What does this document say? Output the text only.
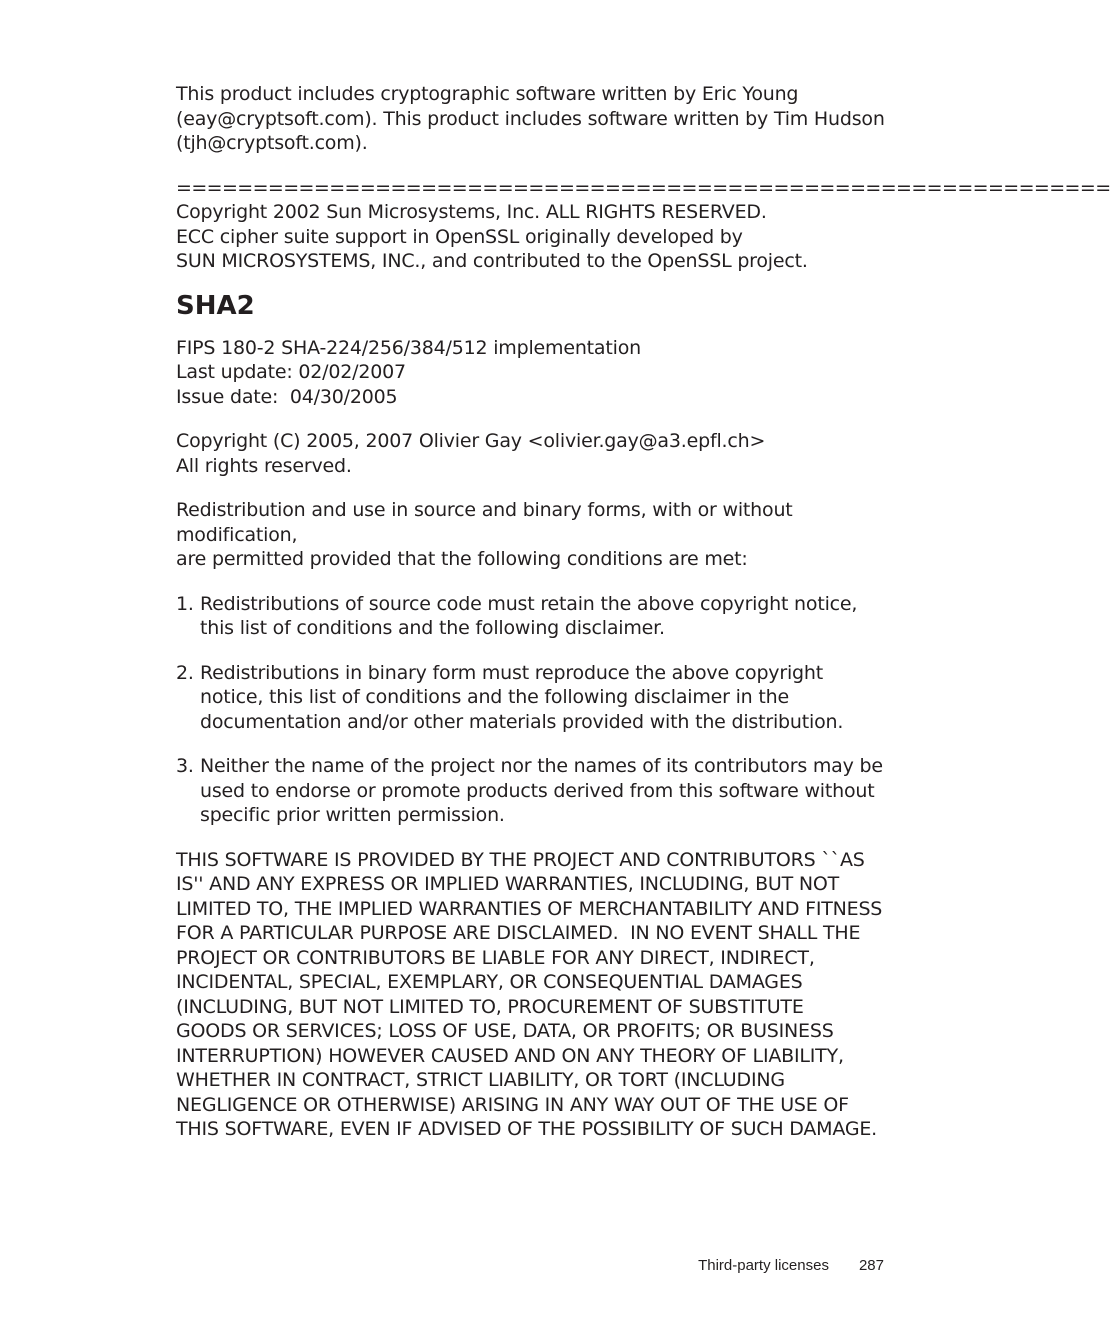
This product includes cryptographic software written by Eric Young
(eay@cryptsoft.com). This product includes software written by Tim Hudson
(tjh@cryptsoft.com).

=============================================================

Copyright 2002 Sun Microsystems, Inc. ALL RIGHTS RESERVED.
ECC cipher suite support in OpenSSL originally developed by
SUN MICROSYSTEMS, INC., and contributed to the OpenSSL project.

SHA2

FIPS 180-2 SHA-224/256/384/512 implementation
Last update: 02/02/2007
Issue date:  04/30/2005

Copyright (C) 2005, 2007 Olivier Gay <olivier.gay@a3.epfl.ch>
All rights reserved.

Redistribution and use in source and binary forms, with or without modification,
are permitted provided that the following conditions are met:

1. Redistributions of source code must retain the above copyright notice, this list of conditions and the following disclaimer.
2. Redistributions in binary form must reproduce the above copyright notice, this list of conditions and the following disclaimer in the documentation and/or other materials provided with the distribution.
3. Neither the name of the project nor the names of its contributors may be used to endorse or promote products derived from this software without specific prior written permission.

THIS SOFTWARE IS PROVIDED BY THE PROJECT AND CONTRIBUTORS ``AS
IS'' AND ANY EXPRESS OR IMPLIED WARRANTIES, INCLUDING, BUT NOT
LIMITED TO, THE IMPLIED WARRANTIES OF MERCHANTABILITY AND FITNESS
FOR A PARTICULAR PURPOSE ARE DISCLAIMED.  IN NO EVENT SHALL THE
PROJECT OR CONTRIBUTORS BE LIABLE FOR ANY DIRECT, INDIRECT,
INCIDENTAL, SPECIAL, EXEMPLARY, OR CONSEQUENTIAL DAMAGES
(INCLUDING, BUT NOT LIMITED TO, PROCUREMENT OF SUBSTITUTE
GOODS OR SERVICES; LOSS OF USE, DATA, OR PROFITS; OR BUSINESS
INTERRUPTION) HOWEVER CAUSED AND ON ANY THEORY OF LIABILITY,
WHETHER IN CONTRACT, STRICT LIABILITY, OR TORT (INCLUDING
NEGLIGENCE OR OTHERWISE) ARISING IN ANY WAY OUT OF THE USE OF
THIS SOFTWARE, EVEN IF ADVISED OF THE POSSIBILITY OF SUCH DAMAGE.

Third-party licenses 287
